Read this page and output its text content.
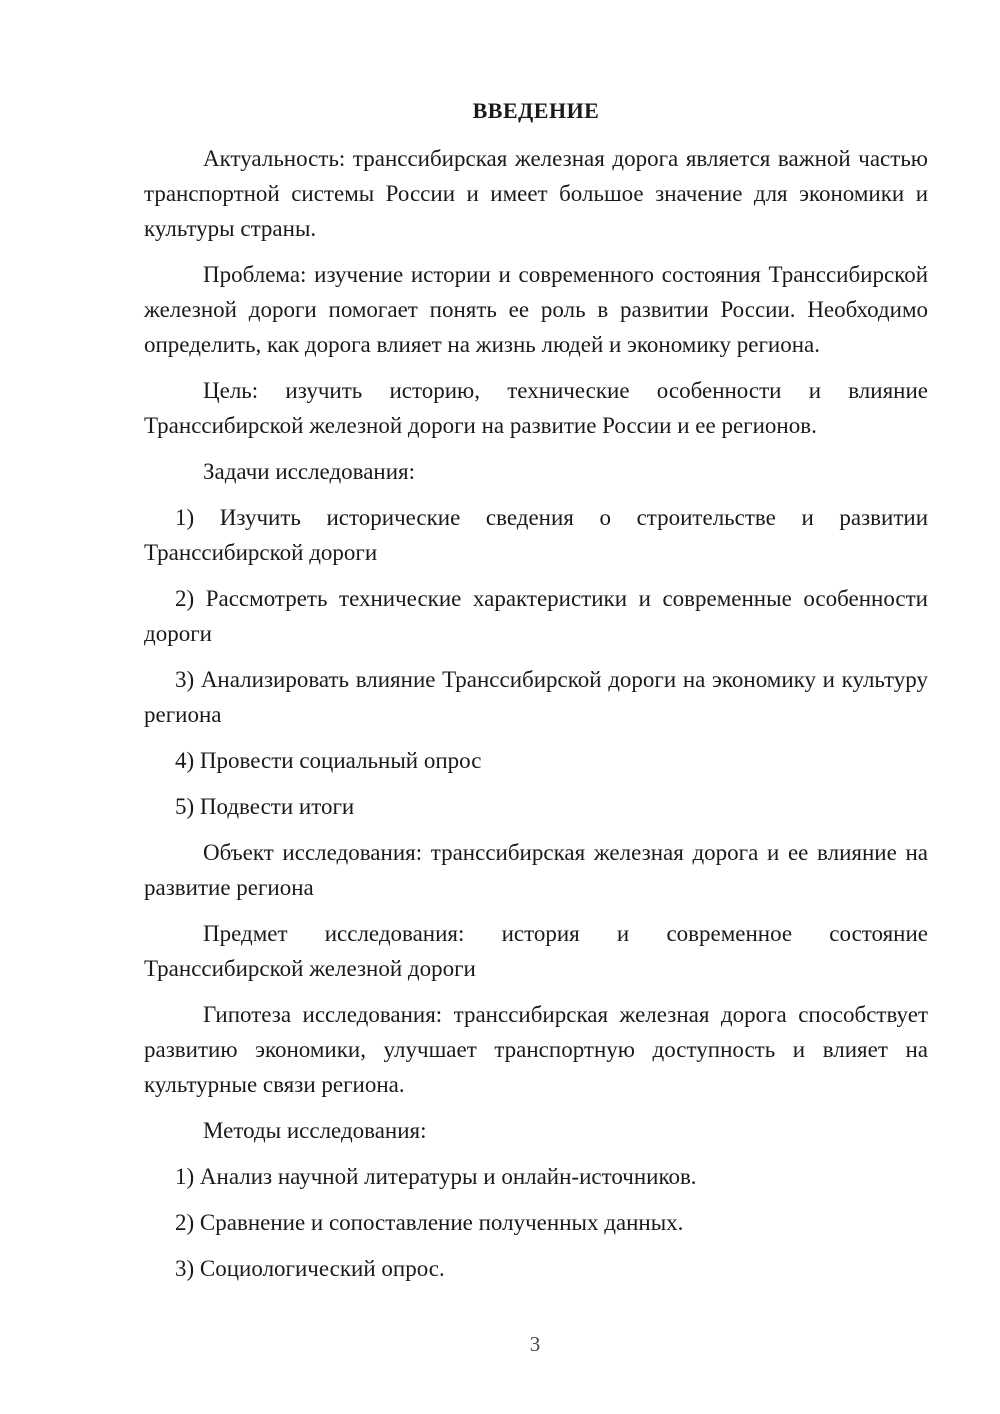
ВВЕДЕНИЕ

Актуальность: транссибирская железная дорога является важной частью транспортной системы России и имеет большое значение для экономики и культуры страны.

Проблема: изучение истории и современного состояния Транссибирской железной дороги помогает понять ее роль в развитии России. Необходимо определить, как дорога влияет на жизнь людей и экономику региона.

Цель: изучить историю, технические особенности и влияние Транссибирской железной дороги на развитие России и ее регионов.

Задачи исследования:

1) Изучить исторические сведения о строительстве и развитии Транссибирской дороги

2) Рассмотреть технические характеристики и современные особенности дороги

3) Анализировать влияние Транссибирской дороги на экономику и культуру региона

4) Провести социальный опрос

5) Подвести итоги

Объект исследования: транссибирская железная дорога и ее влияние на развитие региона

Предмет исследования: история и современное состояние Транссибирской железной дороги

Гипотеза исследования: транссибирская железная дорога способствует развитию экономики, улучшает транспортную доступность и влияет на культурные связи региона.

Методы исследования:

1) Анализ научной литературы и онлайн-источников.

2) Сравнение и сопоставление полученных данных.

3) Социологический опрос.

3
